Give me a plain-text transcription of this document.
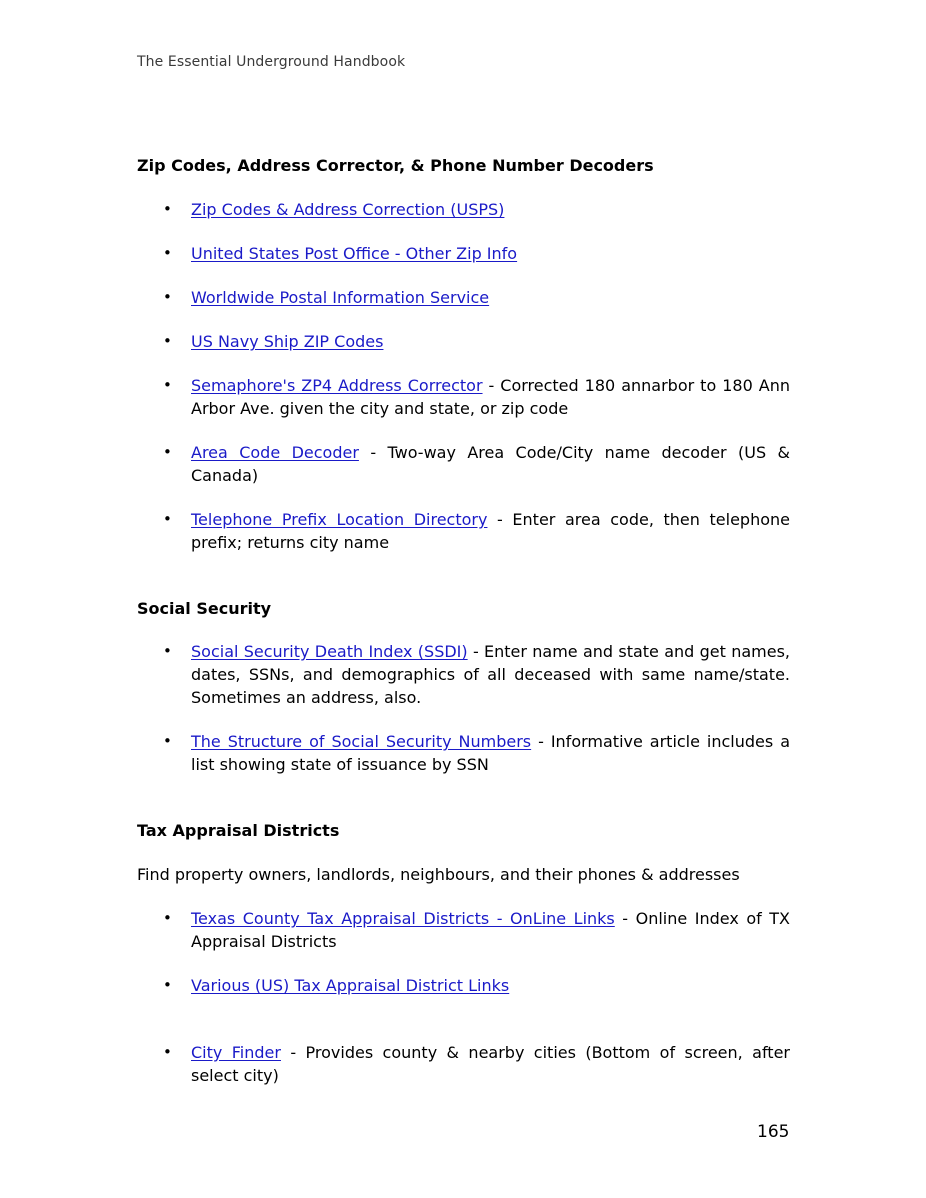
The Essential Underground Handbook
Zip Codes, Address Corrector, & Phone Number Decoders
• Zip Codes & Address Correction (USPS)
• United States Post Office - Other Zip Info
• Worldwide Postal Information Service
• US Navy Ship ZIP Codes
• Semaphore's ZP4 Address Corrector - Corrected 180 annarbor to 180 Ann Arbor Ave. given the city and state, or zip code
• Area Code Decoder - Two-way Area Code/City name decoder (US & Canada)
• Telephone Prefix Location Directory - Enter area code, then telephone prefix; returns city name
Social Security
• Social Security Death Index (SSDI) - Enter name and state and get names, dates, SSNs, and demographics of all deceased with same name/state. Sometimes an address, also.
• The Structure of Social Security Numbers - Informative article includes a list showing state of issuance by SSN
Tax Appraisal Districts

Find property owners, landlords, neighbours, and their phones & addresses

• Texas County Tax Appraisal Districts - OnLine Links - Online Index of TX Appraisal Districts
• Various (US) Tax Appraisal District Links
• City Finder - Provides county & nearby cities (Bottom of screen, after select city)
165
